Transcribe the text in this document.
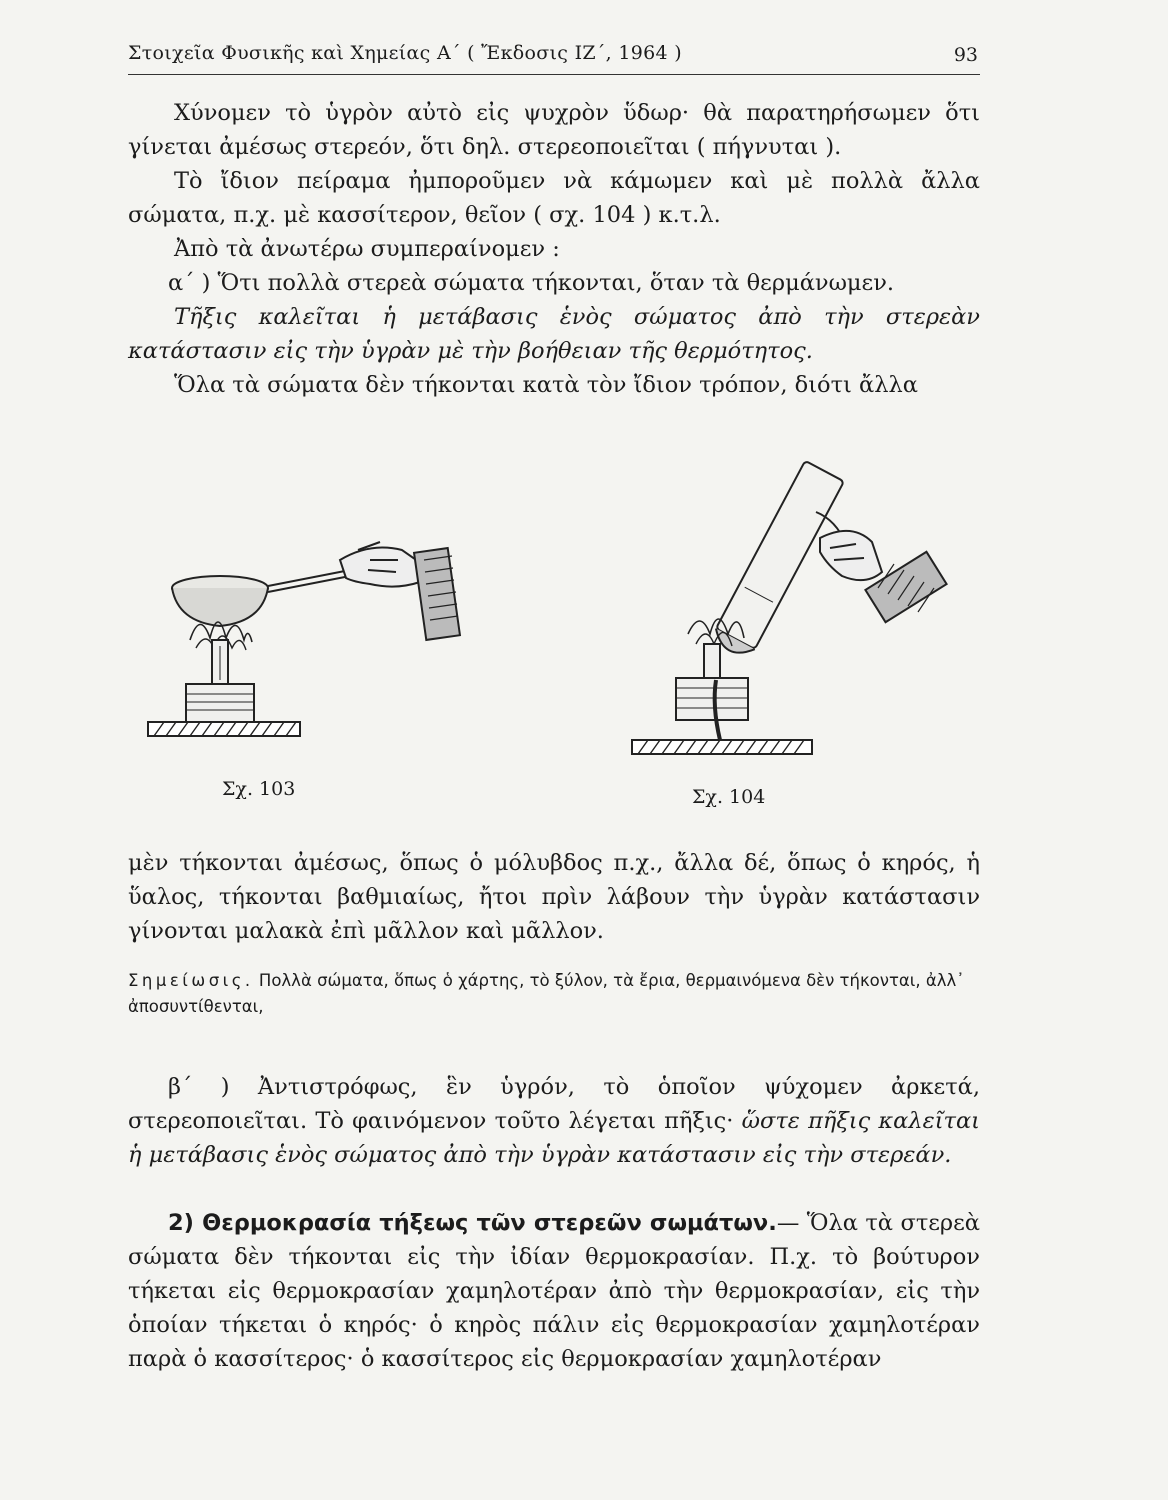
Στοιχεῖα Φυσικῆς καὶ Χημείας Α΄ ( Ἔκδοσις ΙΖ΄, 1964 )	93

Χύνομεν τὸ ὑγρὸν αὐτὸ εἰς ψυχρὸν ὕδωρ· θὰ παρατηρήσωμεν ὅτι γίνεται ἀμέσως στερεόν, ὅτι δηλ. στερεοποιεῖται ( πήγνυται ).

Τὸ ἴδιον πείραμα ἠμποροῦμεν νὰ κάμωμεν καὶ μὲ πολλὰ ἄλλα σώματα, π.χ. μὲ κασσίτερον, θεῖον ( σχ. 104 ) κ.τ.λ.

Ἀπὸ τὰ ἀνωτέρω συμπεραίνομεν :

α΄ ) Ὅτι πολλὰ στερεὰ σώματα τήκονται, ὅταν τὰ θερμάνωμεν.

Τῆξις καλεῖται ἡ μετάβασις ἑνὸς σώματος ἀπὸ τὴν στερεὰν κατάστασιν εἰς τὴν ὑγρὰν μὲ τὴν βοήθειαν τῆς θερμότητος.

Ὅλα τὰ σώματα δὲν τήκονται κατὰ τὸν ἴδιον τρόπον, διότι ἄλλα

Σχ. 103	Σχ. 104

μὲν τήκονται ἀμέσως, ὅπως ὁ μόλυβδος π.χ., ἄλλα δέ, ὅπως ὁ κηρός, ἡ ὕαλος, τήκονται βαθμιαίως, ἤτοι πρὶν λάβουν τὴν ὑγρὰν κατάστασιν γίνονται μαλακὰ ἐπὶ μᾶλλον καὶ μᾶλλον.

Σημείωσις. Πολλὰ σώματα, ὅπως ὁ χάρτης, τὸ ξύλον, τὰ ἔρια, θερμαινόμενα δὲν τήκονται, ἀλλ᾽ ἀποσυντίθενται,

β΄ ) Ἀντιστρόφως, ἓν ὑγρόν, τὸ ὁποῖον ψύχομεν ἀρκετά, στερεοποιεῖται. Τὸ φαινόμενον τοῦτο λέγεται πῆξις· ὥστε πῆξις καλεῖται ἡ μετάβασις ἑνὸς σώματος ἀπὸ τὴν ὑγρὰν κατάστασιν εἰς τὴν στερεάν.

2) Θερμοκρασία τήξεως τῶν στερεῶν σωμάτων.— Ὅλα τὰ στερεὰ σώματα δὲν τήκονται εἰς τὴν ἰδίαν θερμοκρασίαν. Π.χ. τὸ βούτυρον τήκεται εἰς θερμοκρασίαν χαμηλοτέραν ἀπὸ τὴν θερμοκρασίαν, εἰς τὴν ὁποίαν τήκεται ὁ κηρός· ὁ κηρὸς πάλιν εἰς θερμοκρασίαν χαμηλοτέραν παρὰ ὁ κασσίτερος· ὁ κασσίτερος εἰς θερμοκρασίαν χαμηλοτέραν
